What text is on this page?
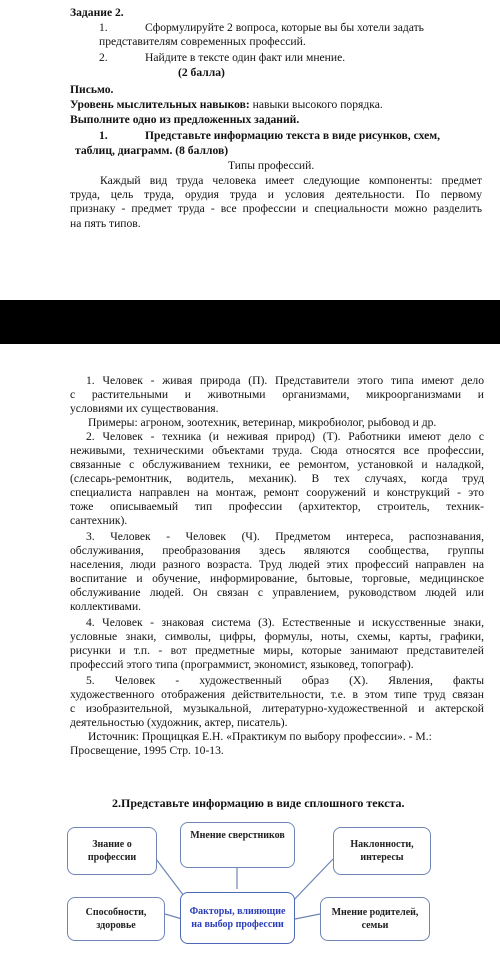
Задание 2.

1.	Сформулируйте 2 вопроса, которые вы бы хотели задать

представителям современных профессий.

2.	Найдите в тексте один факт или мнение.

(2 балла)

Письмо.

Уровень мыслительных навыков: навыки высокого порядка.

Выполните одно из предложенных заданий.

1.	Представьте информацию текста в виде рисунков, схем,

таблиц, диаграмм. (8 баллов)

Типы профессий.

Каждый вид труда человека имеет следующие компоненты: предмет

труда, цель труда, орудия труда и условия деятельности. По первому

признаку - предмет труда - все профессии и специальности можно разделить

на пять типов.

1. Человек - живая природа (П). Представители этого типа имеют дело

с растительными и животными организмами, микроорганизмами и

условиями их существования.

Примеры: агроном, зоотехник, ветеринар, микробиолог, рыбовод и др.

2. Человек - техника (и неживая природ) (Т). Работники имеют дело с

неживыми, техническими объектами труда. Сюда относятся все профессии,

связанные с обслуживанием техники, ее ремонтом, установкой и наладкой,

(слесарь-ремонтник, водитель, механик). В тех случаях, когда труд

специалиста направлен на монтаж, ремонт сооружений и конструкций - это

тоже описываемый тип профессии (архитектор, строитель, техник-

сантехник).

3. Человек - Человек (Ч). Предметом интереса, распознавания,

обслуживания, преобразования здесь являются сообщества, группы

населения, люди разного возраста. Труд людей этих профессий направлен на

воспитание и обучение, информирование, бытовые, торговые, медицинское

обслуживание людей. Он связан с управлением, руководством людей или

коллективами.

4. Человек - знаковая система (З). Естественные и искусственные знаки,

условные знаки, символы, цифры, формулы, ноты, схемы, карты, графики,

рисунки и т.п. - вот предметные миры, которые занимают представителей

профессий этого типа (программист, экономист, языковед, топограф).

5. Человек - художественный образ (Х). Явления, факты

художественного отображения действительности, т.е. в этом типе труд связан

с изобразительной, музыкальной, литературно-художественной и актерской

деятельностью (художник, актер, писатель).

Источник: Прощицкая Е.Н. «Практикум по выбору профессии». - М.:

Просвещение, 1995 Стр. 10-13.

2.Представьте информацию в виде сплошного текста.

Знание о профессии
Мнение сверстников
Наклонности, интересы
Способности, здоровье
Факторы, влияющие на выбор профессии
Мнение родителей, семьи
